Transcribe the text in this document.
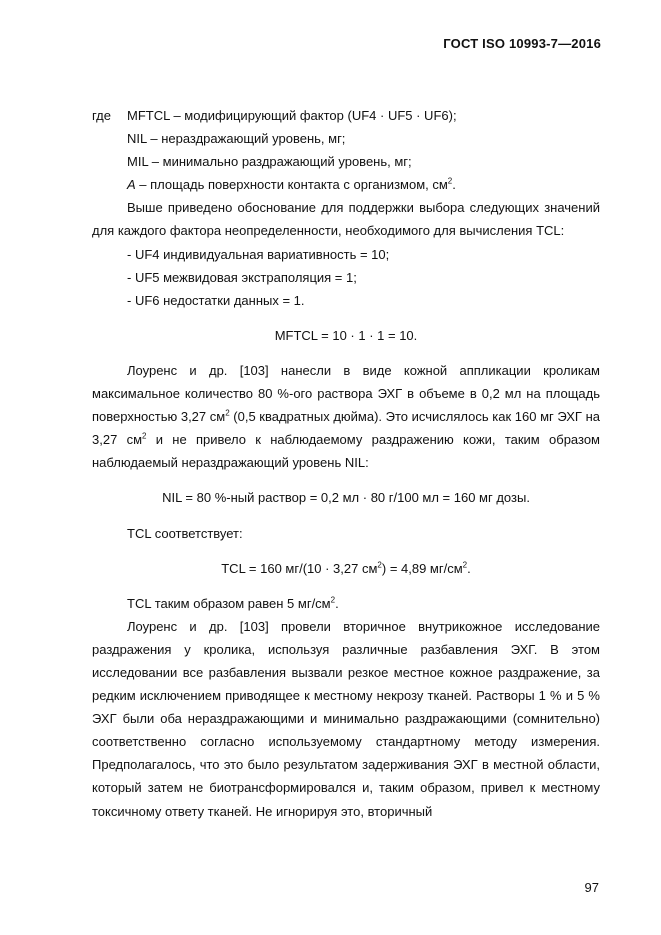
ГОСТ ISO 10993-7—2016

где MFTCL – модифицирующий фактор (UF4 · UF5 · UF6);

NIL – нераздражающий уровень, мг;

MIL – минимально раздражающий уровень, мг;

A – площадь поверхности контакта с организмом, $см^2$.

Выше приведено обоснование для поддержки выбора следующих значений для каждого фактора неопределенности, необходимого для вычисления TCL:

- UF4 индивидуальная вариативность = 10;

- UF5 межвидовая экстраполяция = 1;

- UF6 недостатки данных = 1.

MFTCL = 10 · 1 · 1 = 10.

Лоуренс и др. [103] нанесли в виде кожной аппликации кроликам максимальное количество 80 %-ого раствора ЭХГ в объеме в 0,2 мл на площадь поверхностью 3,27 $см^2$ (0,5 квадратных дюйма). Это исчислялось как 160 мг ЭХГ на 3,27 $см^2$ и не привело к наблюдаемому раздражению кожи, таким образом наблюдаемый нераздражающий уровень NIL:

NIL = 80 %-ный раствор = 0,2 мл · 80 г/100 мл = 160 мг дозы.

TCL соответствует:

TCL = 160 мг/(10 · 3,27 $см^2) = 4,89$ $мг/см^2$.

TCL таким образом равен 5 $мг/см^2$.

Лоуренс и др. [103] провели вторичное внутрикожное исследование раздражения у кролика, используя различные разбавления ЭХГ. В этом исследовании все разбавления вызвали резкое местное кожное раздражение, за редким исключением приводящее к местному некрозу тканей. Растворы 1 % и 5 % ЭХГ были оба нераздражающими и минимально раздражающими (сомнительно) соответственно согласно используемому стандартному методу измерения. Предполагалось, что это было результатом задерживания ЭХГ в местной области, который затем не биотрансформировался и, таким образом, привел к местному токсичному ответу тканей. Не игнорируя это, вторичный

97
